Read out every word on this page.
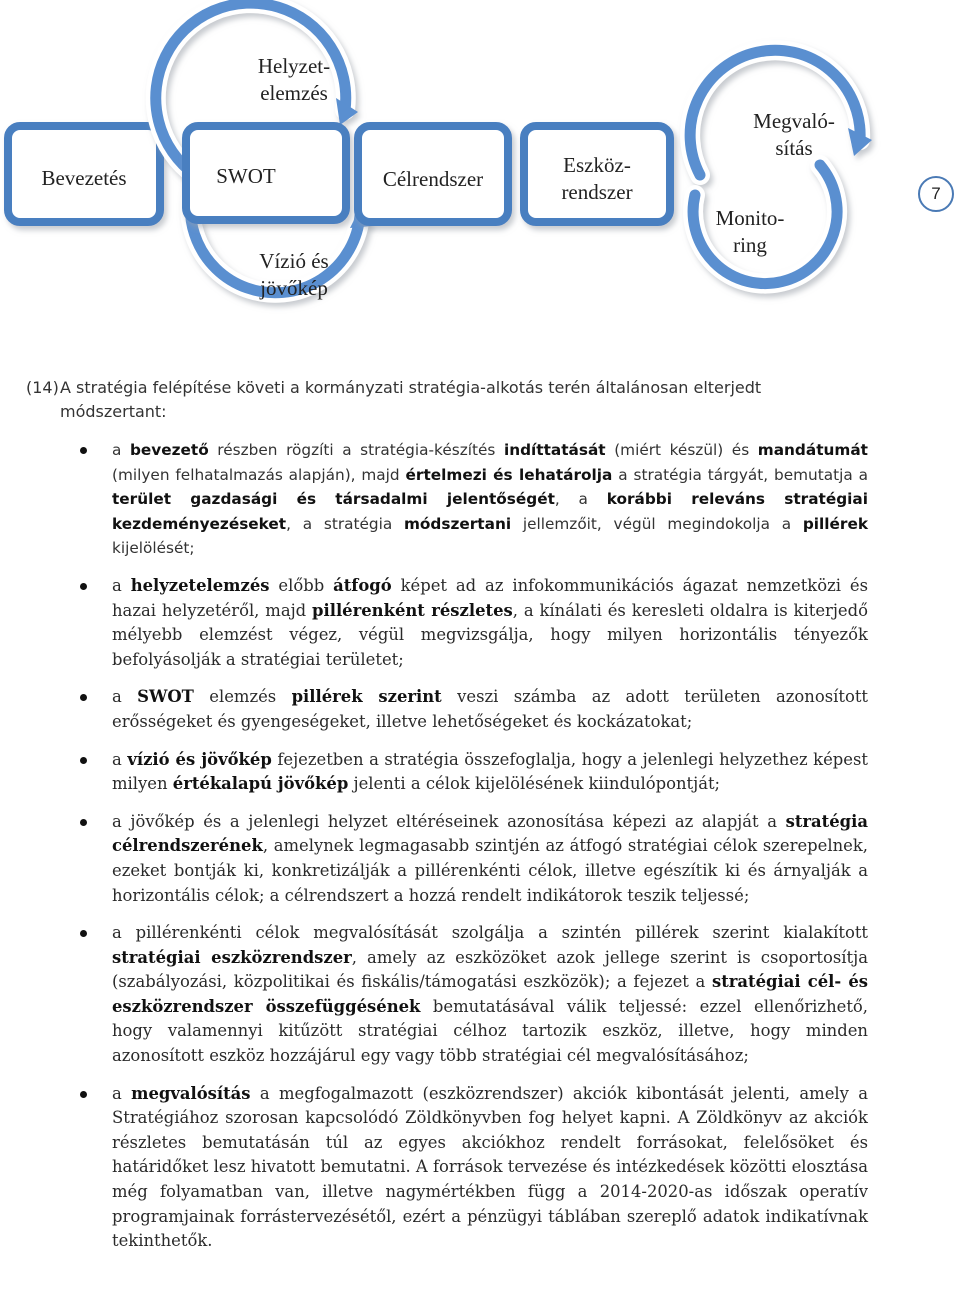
Bevezetés	SWOT
Helyzet-
elemzés
Vízió és
jövőkép
Célrendszer
Eszköz-
rendszer
Megvaló-
sítás
Monito-
ring
7
(14)A stratégia felépítése követi a kormányzati stratégia-alkotás terén általánosan elterjedt
módszertant:
a bevezető részben rögzíti a stratégia-készítés indíttatását (miért készül) és mandátumát (milyen felhatalmazás alapján), majd értelmezi és lehatárolja a stratégia tárgyát, bemutatja a terület gazdasági és társadalmi jelentőségét, a korábbi releváns stratégiai kezdeményezéseket, a stratégia módszertani jellemzőit, végül megindokolja a pillérek kijelölését;
a helyzetelemzés előbb átfogó képet ad az infokommunikációs ágazat nemzetközi és hazai helyzetéről, majd pillérenként részletes, a kínálati és keresleti oldalra is kiterjedő mélyebb elemzést végez, végül megvizsgálja, hogy milyen horizontális tényezők befolyásolják a stratégiai területet;
a SWOT elemzés pillérek szerint veszi számba az adott területen azonosított erősségeket és gyengeségeket, illetve lehetőségeket és kockázatokat;
a vízió és jövőkép fejezetben a stratégia összefoglalja, hogy a jelenlegi helyzethez képest milyen értékalapú jövőkép jelenti a célok kijelölésének kiindulópontját;
a jövőkép és a jelenlegi helyzet eltéréseinek azonosítása képezi az alapját a stratégia célrendszerének, amelynek legmagasabb szintjén az átfogó stratégiai célok szerepelnek, ezeket bontják ki, konkretizálják a pillérenkénti célok, illetve egészítik ki és árnyalják a horizontális célok; a célrendszert a hozzá rendelt indikátorok teszik teljessé;
a pillérenkénti célok megvalósítását szolgálja a szintén pillérek szerint kialakított stratégiai eszközrendszer, amely az eszközöket azok jellege szerint is csoportosítja (szabályozási, közpolitikai és fiskális/támogatási eszközök); a fejezet a stratégiai cél- és eszközrendszer összefüggésének bemutatásával válik teljessé: ezzel ellenőrizhető, hogy valamennyi kitűzött stratégiai célhoz tartozik eszköz, illetve, hogy minden azonosított eszköz hozzájárul egy vagy több stratégiai cél megvalósításához;
a megvalósítás a megfogalmazott (eszközrendszer) akciók kibontását jelenti, amely a Stratégiához szorosan kapcsolódó Zöldkönyvben fog helyet kapni. A Zöldkönyv az akciók részletes bemutatásán túl az egyes akciókhoz rendelt forrásokat, felelősöket és határidőket lesz hivatott bemutatni. A források tervezése és intézkedések közötti elosztása még folyamatban van, illetve nagymértékben függ a 2014-2020-as időszak operatív programjainak forrástervezésétől, ezért a pénzügyi táblában szereplő adatok indikatívnak tekinthetők.
